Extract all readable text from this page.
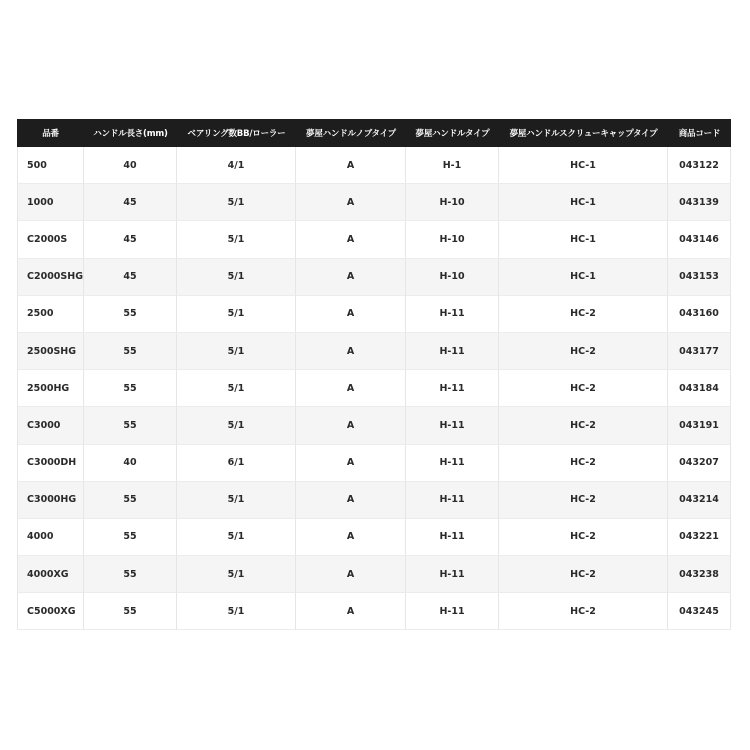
品番	ハンドル長さ(mm)	ベアリング数BB/ローラー	夢屋ハンドルノブタイプ	夢屋ハンドルタイプ	夢屋ハンドルスクリューキャップタイプ	商品コード
500	40	4/1	A	H-1	HC-1	043122
1000	45	5/1	A	H-10	HC-1	043139
C2000S	45	5/1	A	H-10	HC-1	043146
C2000SHG	45	5/1	A	H-10	HC-1	043153
2500	55	5/1	A	H-11	HC-2	043160
2500SHG	55	5/1	A	H-11	HC-2	043177
2500HG	55	5/1	A	H-11	HC-2	043184
C3000	55	5/1	A	H-11	HC-2	043191
C3000DH	40	6/1	A	H-11	HC-2	043207
C3000HG	55	5/1	A	H-11	HC-2	043214
4000	55	5/1	A	H-11	HC-2	043221
4000XG	55	5/1	A	H-11	HC-2	043238
C5000XG	55	5/1	A	H-11	HC-2	043245
